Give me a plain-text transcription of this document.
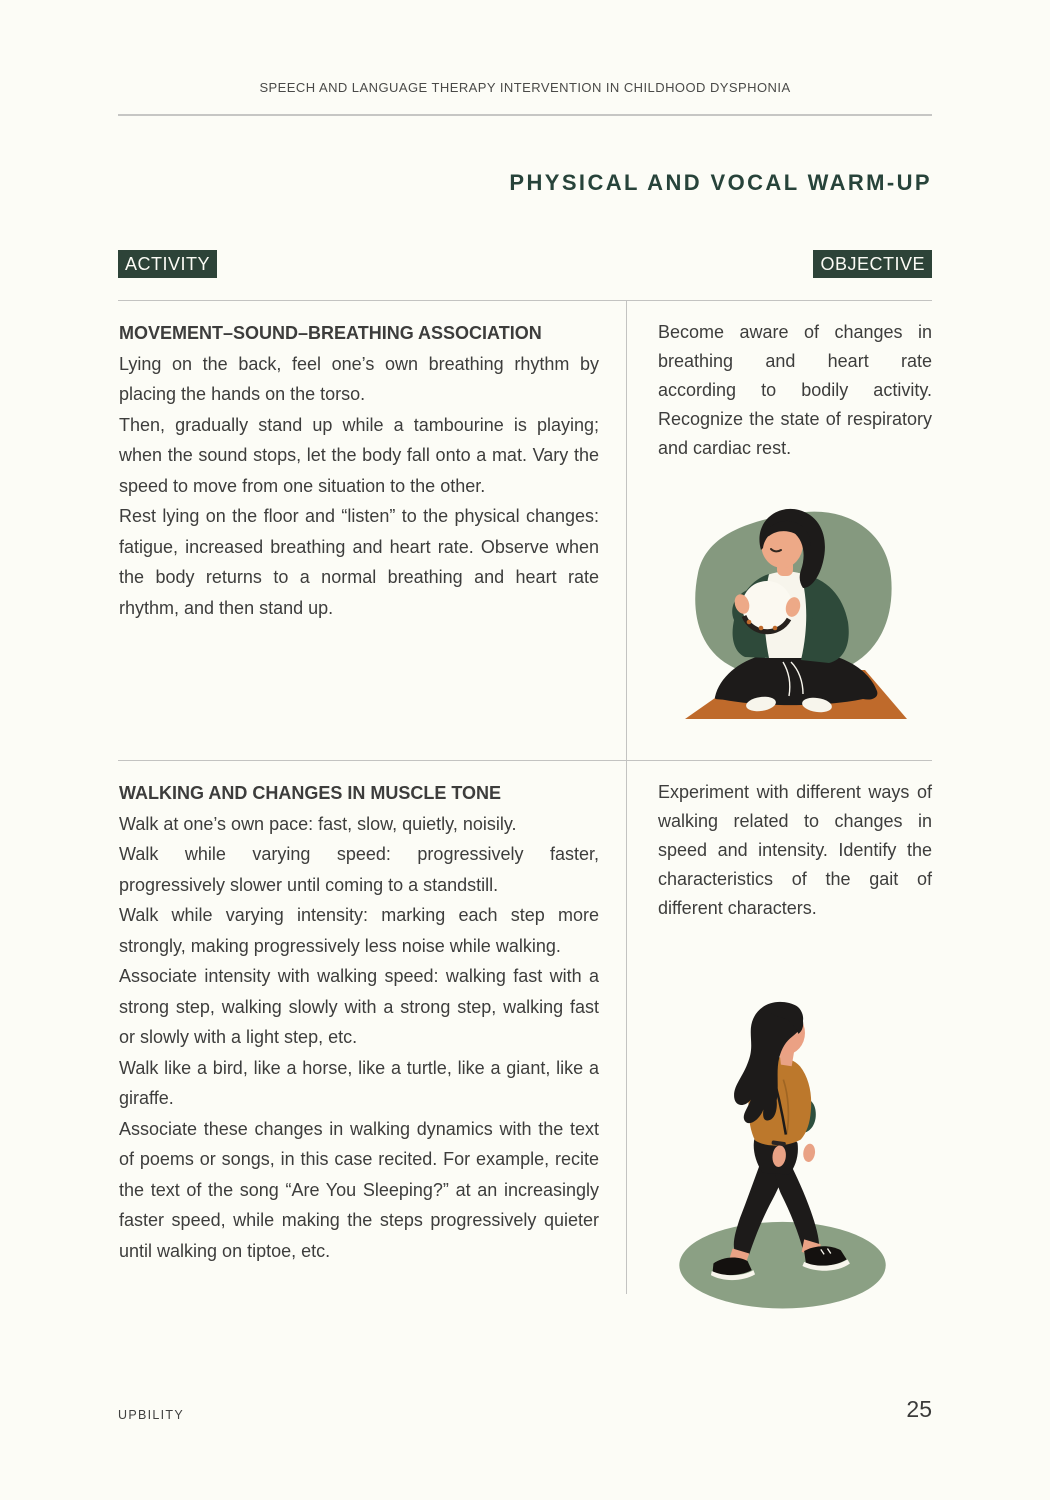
SPEECH AND LANGUAGE THERAPY INTERVENTION IN CHILDHOOD DYSPHONIA
PHYSICAL AND VOCAL WARM-UP
ACTIVITY	OBJECTIVE

MOVEMENT–SOUND–BREATHING ASSOCIATION

Lying on the back, feel one’s own breathing rhythm by placing the hands on the torso.

Then, gradually stand up while a tambourine is playing; when the sound stops, let the body fall onto a mat. Vary the speed to move from one situation to the other.

Rest lying on the floor and “listen” to the physical changes: fatigue, increased breathing and heart rate. Observe when the body returns to a normal breathing and heart rate rhythm, and then stand up.

Become aware of changes in breathing and heart rate according to bodily activity. Recognize the state of respiratory and cardiac rest.

WALKING AND CHANGES IN MUSCLE TONE

Walk at one’s own pace: fast, slow, quietly, noisily.

Walk while varying speed: progressively faster, progressively slower until coming to a standstill.

Walk while varying intensity: marking each step more strongly, making progressively less noise while walking.

Associate intensity with walking speed: walking fast with a strong step, walking slowly with a strong step, walking fast or slowly with a light step, etc.

Walk like a bird, like a horse, like a turtle, like a giant, like a giraffe.

Associate these changes in walking dynamics with the text of poems or songs, in this case recited. For example, recite the text of the song “Are You Sleeping?” at an increasingly faster speed, while making the steps progressively quieter until walking on tiptoe, etc.

Experiment with different ways of walking related to changes in speed and intensity. Identify the characteristics of the gait of different characters.

UPBILITY	25
